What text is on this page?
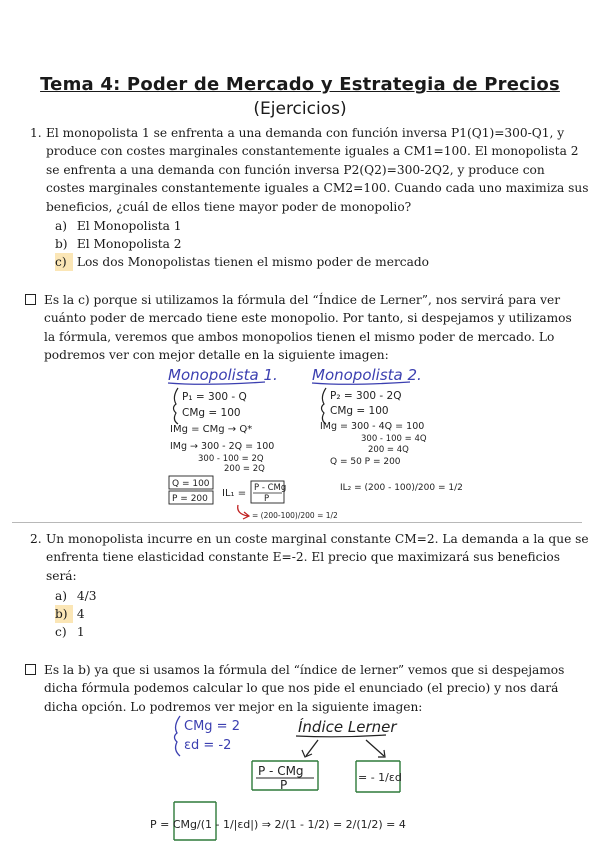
Tema 4: Poder de Mercado y Estrategia de Precios
(Ejercicios)
1. El monopolista 1 se enfrenta a una demanda con función inversa P1(Q1)=300-Q1, y
produce con costes marginales constantemente iguales a CM1=100. El monopolista 2
se enfrenta a una demanda con función inversa P2(Q2)=300-2Q2, y produce con
costes marginales constantemente iguales a CM2=100. Cuando cada uno maximiza sus
beneficios, ¿cuál de ellos tiene mayor poder de monopolio?
a) El Monopolista 1
b) El Monopolista 2
c) Los dos Monopolistas tienen el mismo poder de mercado
Es la c) porque si utilizamos la fórmula del “Índice de Lerner”, nos servirá para ver
cuánto poder de mercado tiene este monopolio. Por tanto, si despejamos y utilizamos
la fórmula, veremos que ambos monopolios tienen el mismo poder de mercado. Lo
podremos ver con mejor detalle en la siguiente imagen:
Monopolista 1.
P₁ = 300 - Q
CMg = 100
IMg = CMg → Q*
IMg → 300 - 2Q = 100
300 - 100 = 2Q
200 = 2Q
Q = 100
P = 200 IL₁ = P - CMg
P
= (200-100)/200 = 1/2
Monopolista 2.
P₂ = 300 - 2Q
CMg = 100
IMg = 300 - 4Q = 100
300 - 100 = 4Q
200 = 4Q
Q = 50 P = 200
IL₂ = (200 - 100)/200 = 1/2
2. Un monopolista incurre en un coste marginal constante CM=2. La demanda a la que se
enfrenta tiene elasticidad constante E=-2. El precio que maximizará sus beneficios
será:
a) 4/3
b) 4
c) 1
Es la b) ya que si usamos la fórmula del “índice de lerner” vemos que si despejamos
dicha fórmula podemos calcular lo que nos pide el enunciado (el precio) y nos dará
dicha opción. Lo podremos ver mejor en la siguiente imagen:
CMg = 2
εd = -2
Índice Lerner
P - CMg
P
= - 1/εd
P = CMg/(1 - 1/|εd|) ⇒ 2/(1 - 1/2) = 2/(1/2) = 4
